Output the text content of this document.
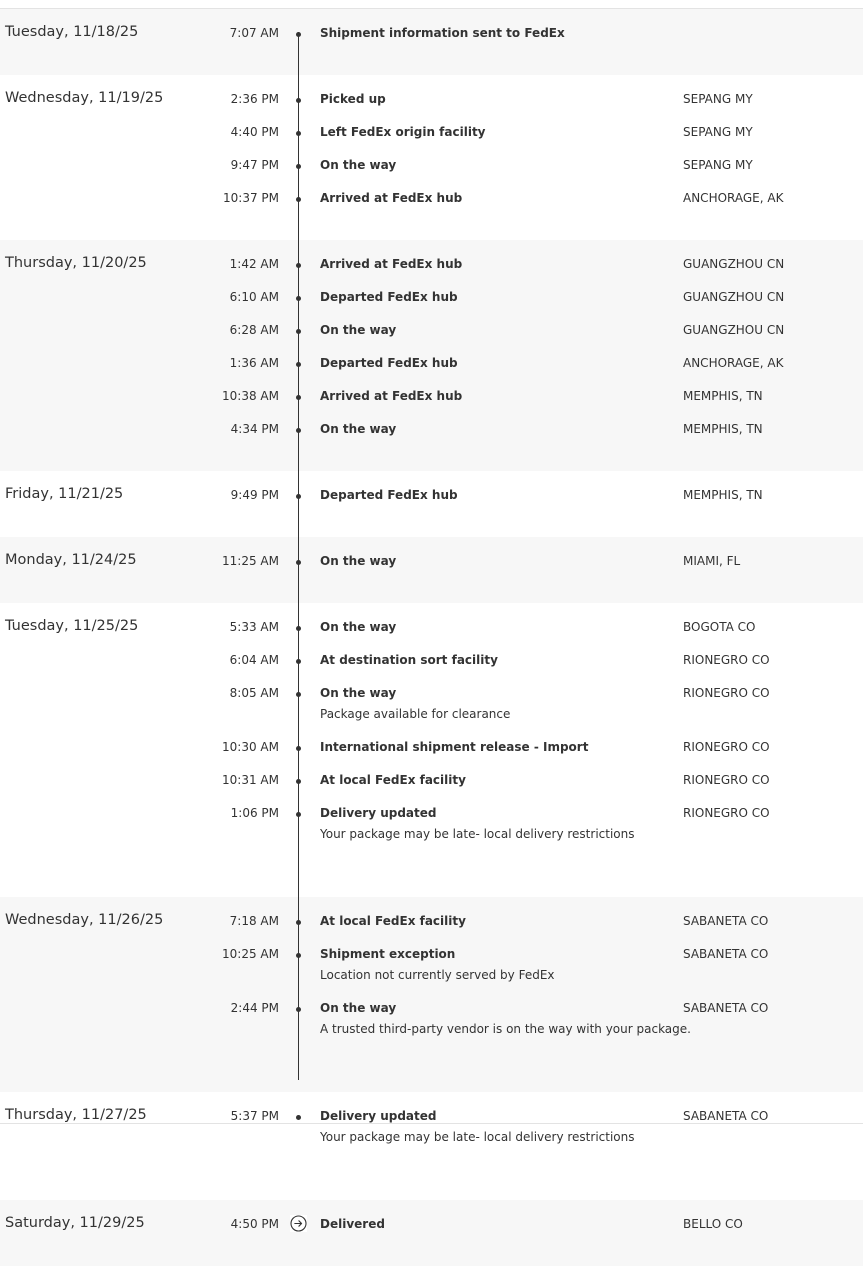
Tuesday, 11/18/25	7:07 AM	Shipment information sent to FedEx
Wednesday, 11/19/25	2:36 PM	Picked up	SEPANG MY
4:40 PM	Left FedEx origin facility	SEPANG MY
9:47 PM	On the way	SEPANG MY
10:37 PM	Arrived at FedEx hub	ANCHORAGE, AK
Thursday, 11/20/25	1:42 AM	Arrived at FedEx hub	GUANGZHOU CN
6:10 AM	Departed FedEx hub	GUANGZHOU CN
6:28 AM	On the way	GUANGZHOU CN
1:36 AM	Departed FedEx hub	ANCHORAGE, AK
10:38 AM	Arrived at FedEx hub	MEMPHIS, TN
4:34 PM	On the way	MEMPHIS, TN
Friday, 11/21/25	9:49 PM	Departed FedEx hub	MEMPHIS, TN
Monday, 11/24/25	11:25 AM	On the way	MIAMI, FL
Tuesday, 11/25/25	5:33 AM	On the way	BOGOTA CO
6:04 AM	At destination sort facility	RIONEGRO CO
8:05 AM	On the way	RIONEGRO CO
Package available for clearance
10:30 AM	International shipment release - Import	RIONEGRO CO
10:31 AM	At local FedEx facility	RIONEGRO CO
1:06 PM	Delivery updated	RIONEGRO CO
Your package may be late- local delivery restrictions
Wednesday, 11/26/25	7:18 AM	At local FedEx facility	SABANETA CO
10:25 AM	Shipment exception	SABANETA CO
Location not currently served by FedEx
2:44 PM	On the way	SABANETA CO
A trusted third-party vendor is on the way with your package.
Thursday, 11/27/25	5:37 PM	Delivery updated	SABANETA CO
Your package may be late- local delivery restrictions
Saturday, 11/29/25	4:50 PM	Delivered	BELLO CO
